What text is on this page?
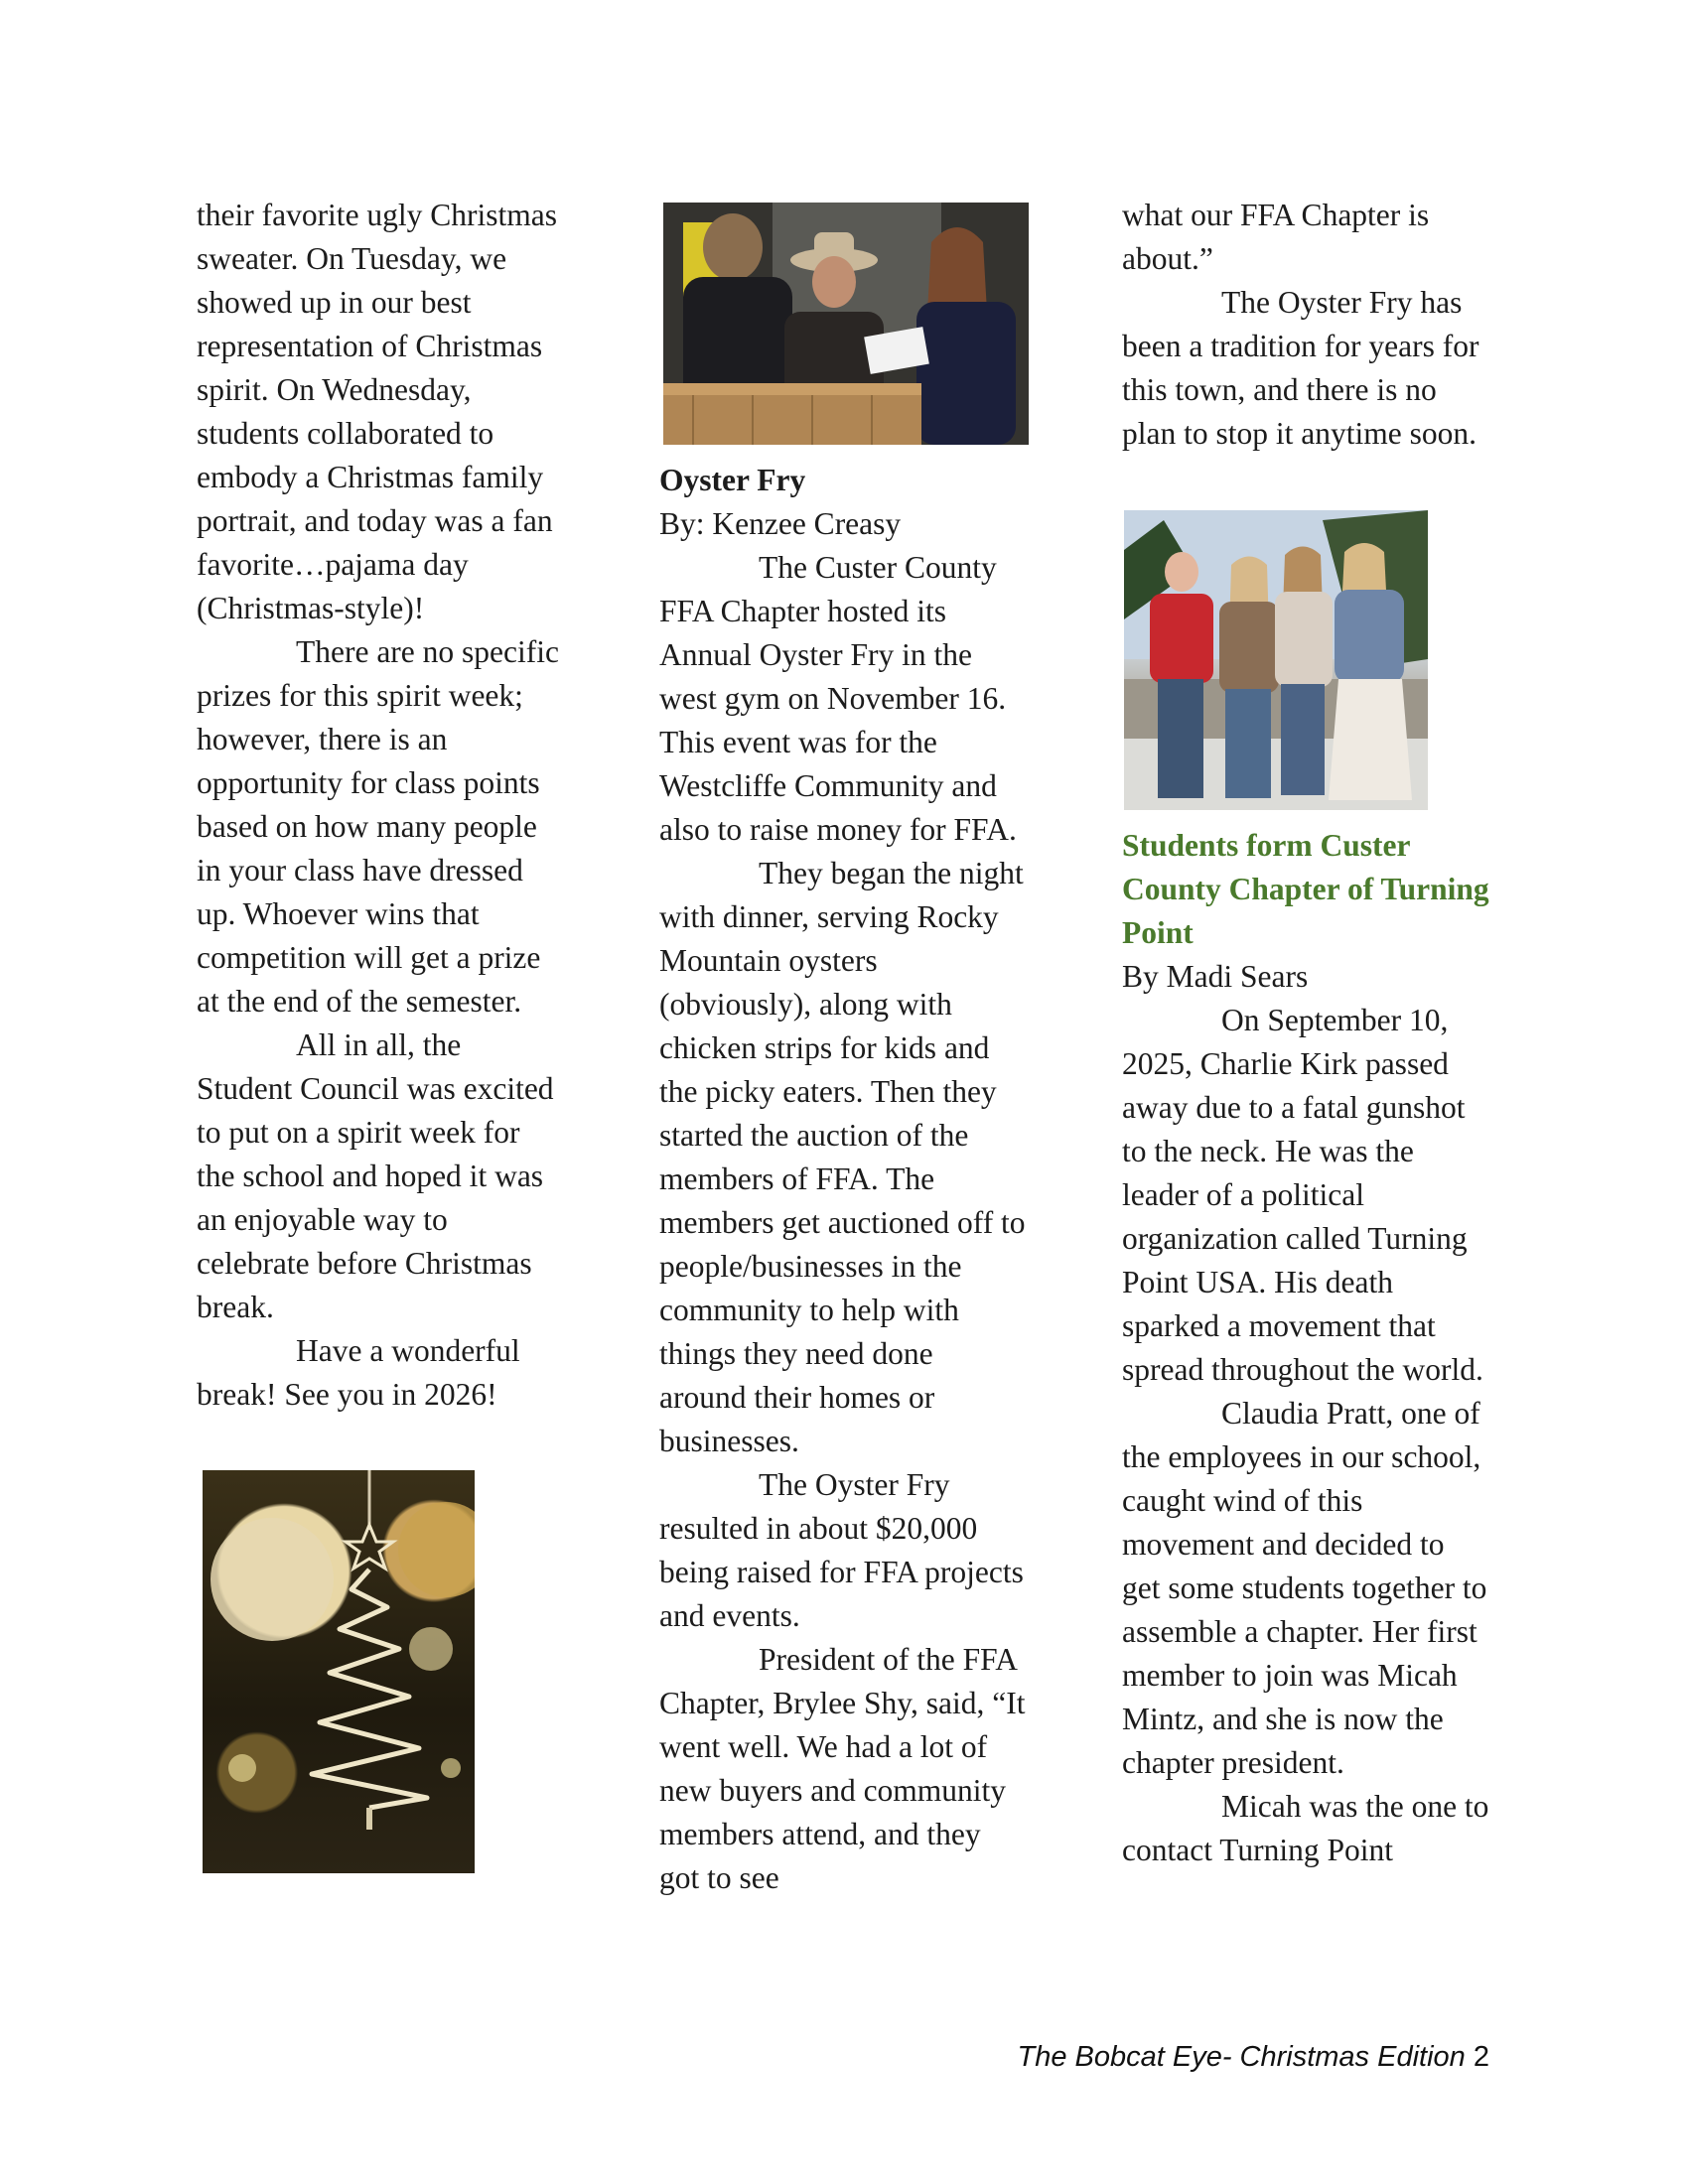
their favorite ugly Christmas sweater. On Tuesday, we showed up in our best representation of Christmas spirit. On Wednesday, students collaborated to embody a Christmas family portrait, and today was a fan favorite…pajama day (Christmas-style)!

There are no specific prizes for this spirit week; however, there is an opportunity for class points based on how many people in your class have dressed up. Whoever wins that competition will get a prize at the end of the semester.

All in all, the Student Council was excited to put on a spirit week for the school and hoped it was an enjoyable way to celebrate before Christmas break.

Have a wonderful break! See you in 2026!

Oyster Fry

By: Kenzee Creasy

The Custer County FFA Chapter hosted its Annual Oyster Fry in the west gym on November 16. This event was for the Westcliffe Community and also to raise money for FFA.

They began the night with dinner, serving Rocky Mountain oysters (obviously), along with chicken strips for kids and the picky eaters. Then they started the auction of the members of FFA. The members get auctioned off to people/businesses in the community to help with things they need done around their homes or businesses.

The Oyster Fry resulted in about $20,000 being raised for FFA projects and events.

President of the FFA Chapter, Brylee Shy, said, “It went well. We had a lot of new buyers and community members attend, and they got to see

what our FFA Chapter is about.”

The Oyster Fry has been a tradition for years for this town, and there is no plan to stop it anytime soon.

Students form Custer County Chapter of Turning Point

By Madi Sears

On September 10, 2025, Charlie Kirk passed away due to a fatal gunshot to the neck. He was the leader of a political organization called Turning Point USA. His death sparked a movement that spread throughout the world.

Claudia Pratt, one of the employees in our school, caught wind of this movement and decided to get some students together to assemble a chapter. Her first member to join was Micah Mintz, and she is now the chapter president.

Micah was the one to contact Turning Point

The Bobcat Eye- Christmas Edition 2
